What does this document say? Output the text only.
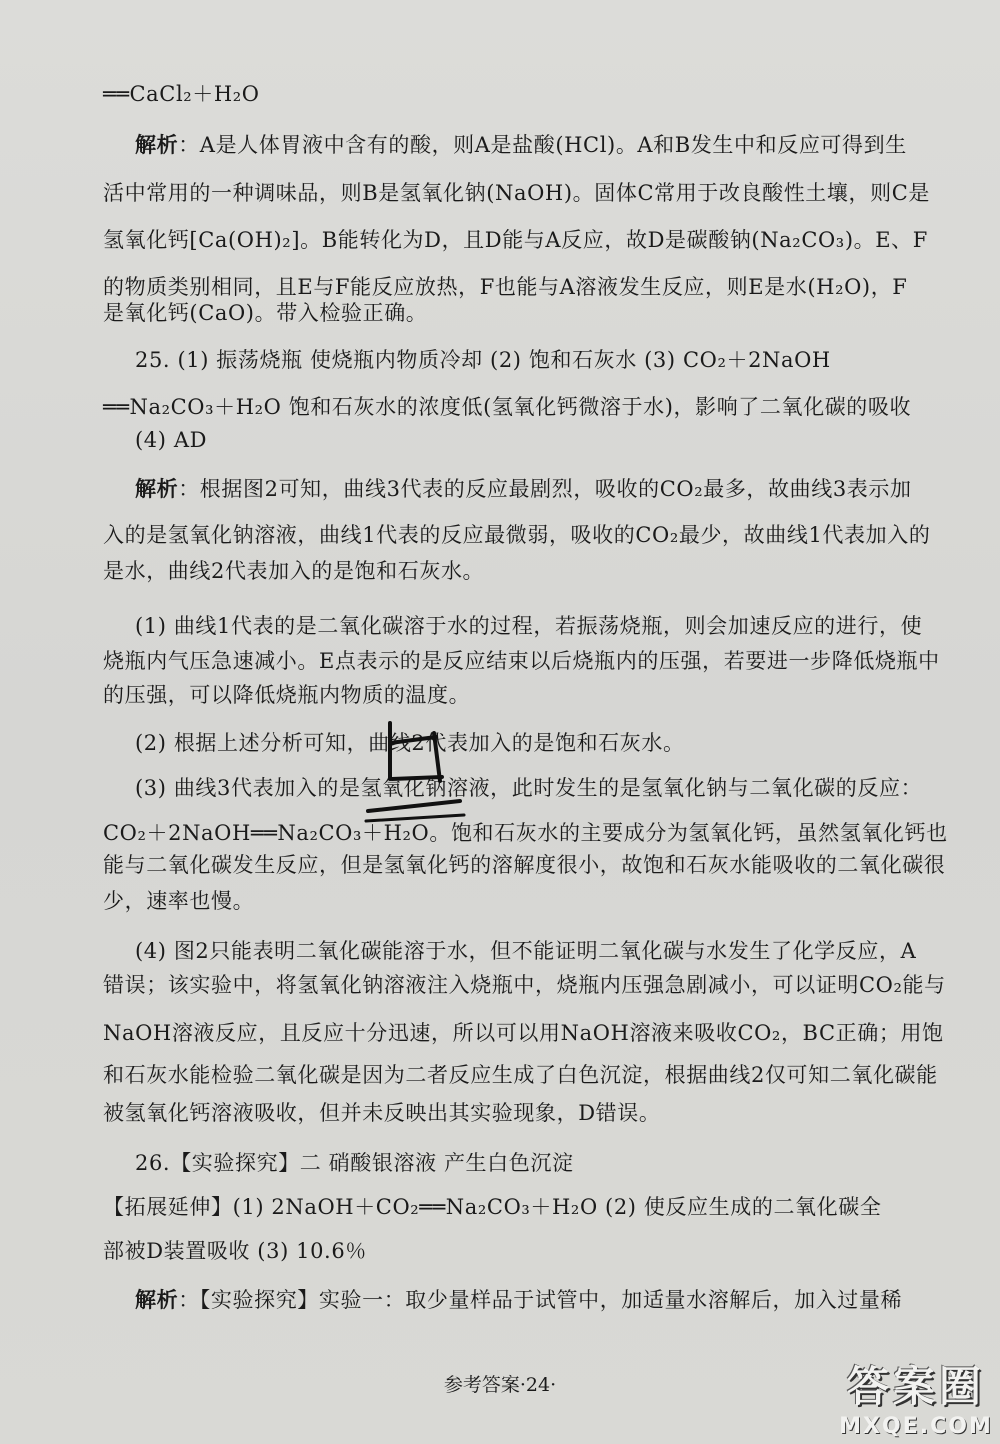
══CaCl₂＋H₂O
解析：A是人体胃液中含有的酸，则A是盐酸(HCl)。A和B发生中和反应可得到生
活中常用的一种调味品，则B是氢氧化钠(NaOH)。固体C常用于改良酸性土壤，则C是
氢氧化钙[Ca(OH)₂]。B能转化为D，且D能与A反应，故D是碳酸钠(Na₂CO₃)。E、F
的物质类别相同，且E与F能反应放热，F也能与A溶液发生反应，则E是水(H₂O)，F
是氧化钙(CaO)。带入检验正确。
25. (1) 振荡烧瓶 使烧瓶内物质冷却 (2) 饱和石灰水 (3) CO₂＋2NaOH
══Na₂CO₃＋H₂O 饱和石灰水的浓度低(氢氧化钙微溶于水)，影响了二氧化碳的吸收
(4) AD
解析：根据图2可知，曲线3代表的反应最剧烈，吸收的CO₂最多，故曲线3表示加
入的是氢氧化钠溶液，曲线1代表的反应最微弱，吸收的CO₂最少，故曲线1代表加入的
是水，曲线2代表加入的是饱和石灰水。
(1) 曲线1代表的是二氧化碳溶于水的过程，若振荡烧瓶，则会加速反应的进行，使
烧瓶内气压急速减小。E点表示的是反应结束以后烧瓶内的压强，若要进一步降低烧瓶中
的压强，可以降低烧瓶内物质的温度。
(2) 根据上述分析可知，曲线2代表加入的是饱和石灰水。
(3) 曲线3代表加入的是氢氧化钠溶液，此时发生的是氢氧化钠与二氧化碳的反应：
CO₂＋2NaOH══Na₂CO₃＋H₂O。饱和石灰水的主要成分为氢氧化钙，虽然氢氧化钙也
能与二氧化碳发生反应，但是氢氧化钙的溶解度很小，故饱和石灰水能吸收的二氧化碳很
少，速率也慢。
(4) 图2只能表明二氧化碳能溶于水，但不能证明二氧化碳与水发生了化学反应，A
错误；该实验中，将氢氧化钠溶液注入烧瓶中，烧瓶内压强急剧减小，可以证明CO₂能与
NaOH溶液反应，且反应十分迅速，所以可以用NaOH溶液来吸收CO₂，BC正确；用饱
和石灰水能检验二氧化碳是因为二者反应生成了白色沉淀，根据曲线2仅可知二氧化碳能
被氢氧化钙溶液吸收，但并未反映出其实验现象，D错误。
26.【实验探究】二 硝酸银溶液 产生白色沉淀
【拓展延伸】(1) 2NaOH＋CO₂══Na₂CO₃＋H₂O (2) 使反应生成的二氧化碳全
部被D装置吸收 (3) 10.6％
解析：【实验探究】实验一：取少量样品于试管中，加适量水溶解后，加入过量稀
参考答案·24·	答案圈
MXQE.COM
